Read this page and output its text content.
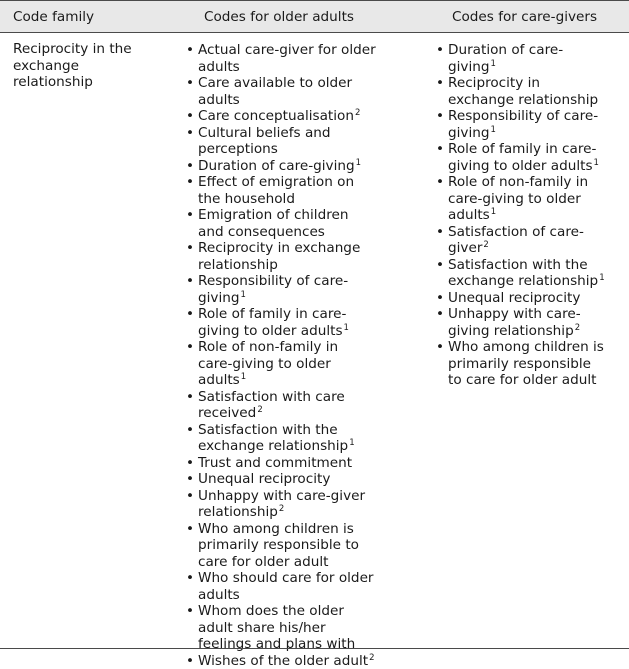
Code family	Codes for older adults	Codes for care-givers
Reciprocity in the exchange relationship
• Actual care-giver for older adults
• Care available to older adults
• Care conceptualisation$^2$
• Cultural beliefs and perceptions
• Duration of care-giving$^1$
• Effect of emigration on the household
• Emigration of children and consequences
• Reciprocity in exchange relationship
• Responsibility of care-giving$^1$
• Role of family in care-giving to older adults$^1$
• Role of non-family in care-giving to older adults$^1$
• Satisfaction with care received$^2$
• Satisfaction with the exchange relationship$^1$
• Trust and commitment
• Unequal reciprocity
• Unhappy with care-giver relationship$^2$
• Who among children is primarily responsible to care for older adult
• Who should care for older adults
• Whom does the older adult share his/her feelings and plans with
• Wishes of the older adult$^2$
• Duration of care-giving$^1$
• Reciprocity in exchange relationship
• Responsibility of care-giving$^1$
• Role of family in care-giving to older adults$^1$
• Role of non-family in care-giving to older adults$^1$
• Satisfaction of care-giver$^2$
• Satisfaction with the exchange relationship$^1$
• Unequal reciprocity
• Unhappy with care-giving relationship$^2$
• Who among children is primarily responsible to care for older adult
